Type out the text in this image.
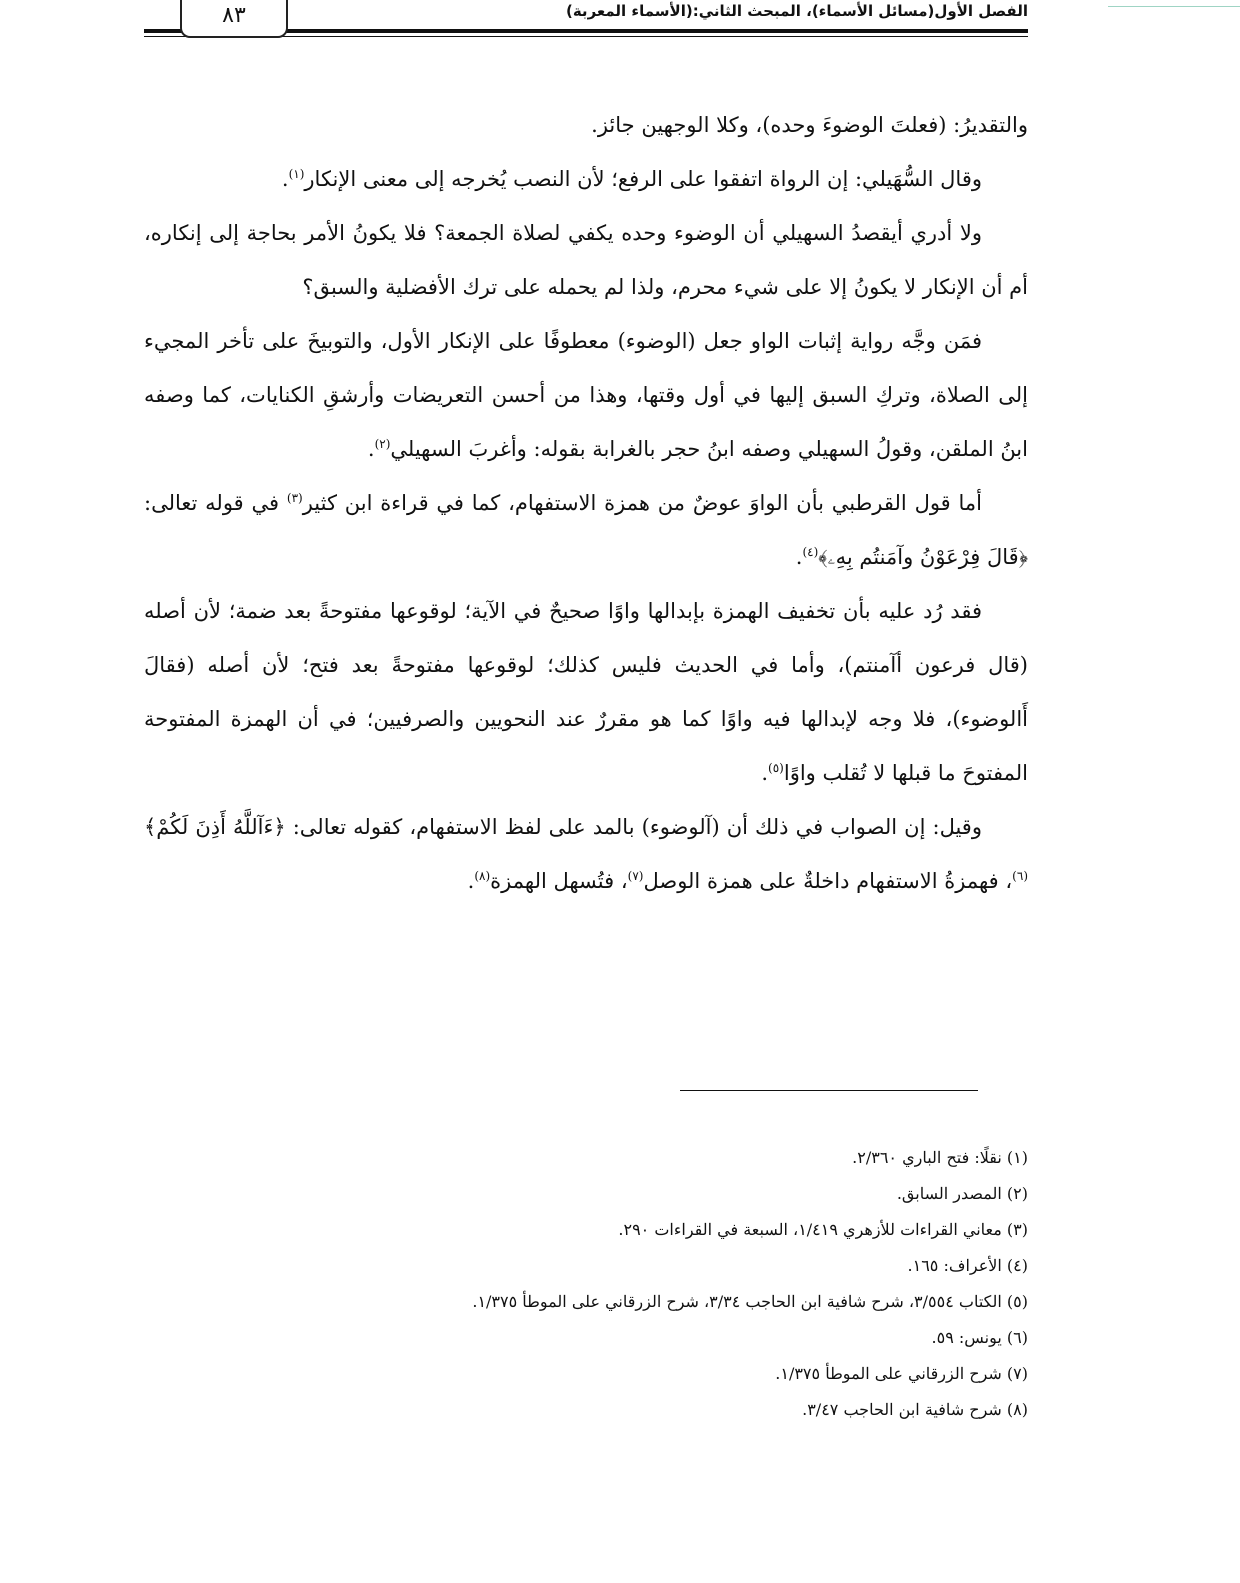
الفصل الأول(مسائل الأسماء)، المبحث الثاني:(الأسماء المعربة)
٨٣

والتقديرُ: (فعلتَ الوضوءَ وحده)، وكلا الوجهين جائز.

وقال السُّهَيلي: إن الرواة اتفقوا على الرفع؛ لأن النصب يُخرجه إلى معنى الإنكار$^{(١)}$.

ولا أدري أيقصدُ السهيلي أن الوضوء وحده يكفي لصلاة الجمعة؟ فلا يكونُ الأمر بحاجة إلى إنكاره، أم أن الإنكار لا يكونُ إلا على شيء محرم، ولذا لم يحمله على ترك الأفضلية والسبق؟

فمَن وجَّه رواية إثبات الواو جعل (الوضوء) معطوفًا على الإنكار الأول، والتوبيخَ على تأخر المجيء إلى الصلاة، وتركِ السبق إليها في أول وقتها، وهذا من أحسن التعريضات وأرشقِ الكنايات، كما وصفه ابنُ الملقن، وقولُ السهيلي وصفه ابنُ حجر بالغرابة بقوله: وأغربَ السهيلي$^{(٢)}$.

أما قول القرطبي بأن الواوَ عوضٌ من همزة الاستفهام، كما في قراءة ابن كثير$^{(٣)}$ في قوله تعالى:﴿قَالَ فِرْعَوْنُ وآمَنتُم بِهِۦ﴾$^{(٤)}$.

فقد رُد عليه بأن تخفيف الهمزة بإبدالها واوًا صحيحٌ في الآية؛ لوقوعها مفتوحةً بعد ضمة؛ لأن أصله (قال فرعون أآمنتم)، وأما في الحديث فليس كذلك؛ لوقوعها مفتوحةً بعد فتح؛ لأن أصله (فقالَ أَالوضوء)، فلا وجه لإبدالها فيه واوًا كما هو مقررٌ عند النحويين والصرفيين؛ في أن الهمزة المفتوحة المفتوحَ ما قبلها لا تُقلب واوًا$^{(٥)}$.

وقيل: إن الصواب في ذلك أن (آلوضوء) بالمد على لفظ الاستفهام، كقوله تعالى: ﴿ءَآللَّهُ أَذِنَ لَكُمْ﴾$^{(٦)}$، فهمزةُ الاستفهام داخلةٌ على همزة الوصل$^{(٧)}$، فتُسهل الهمزة$^{(٨)}$.

(١) نقلًا: فتح الباري ٢/٣٦٠.

(٢) المصدر السابق.

(٣) معاني القراءات للأزهري ١/٤١٩، السبعة في القراءات ٢٩٠.

(٤) الأعراف: ١٦٥.

(٥) الكتاب ٣/٥٥٤، شرح شافية ابن الحاجب ٣/٣٤، شرح الزرقاني على الموطأ ١/٣٧٥.

(٦) يونس: ٥٩.

(٧) شرح الزرقاني على الموطأ ١/٣٧٥.

(٨) شرح شافية ابن الحاجب ٣/٤٧.
